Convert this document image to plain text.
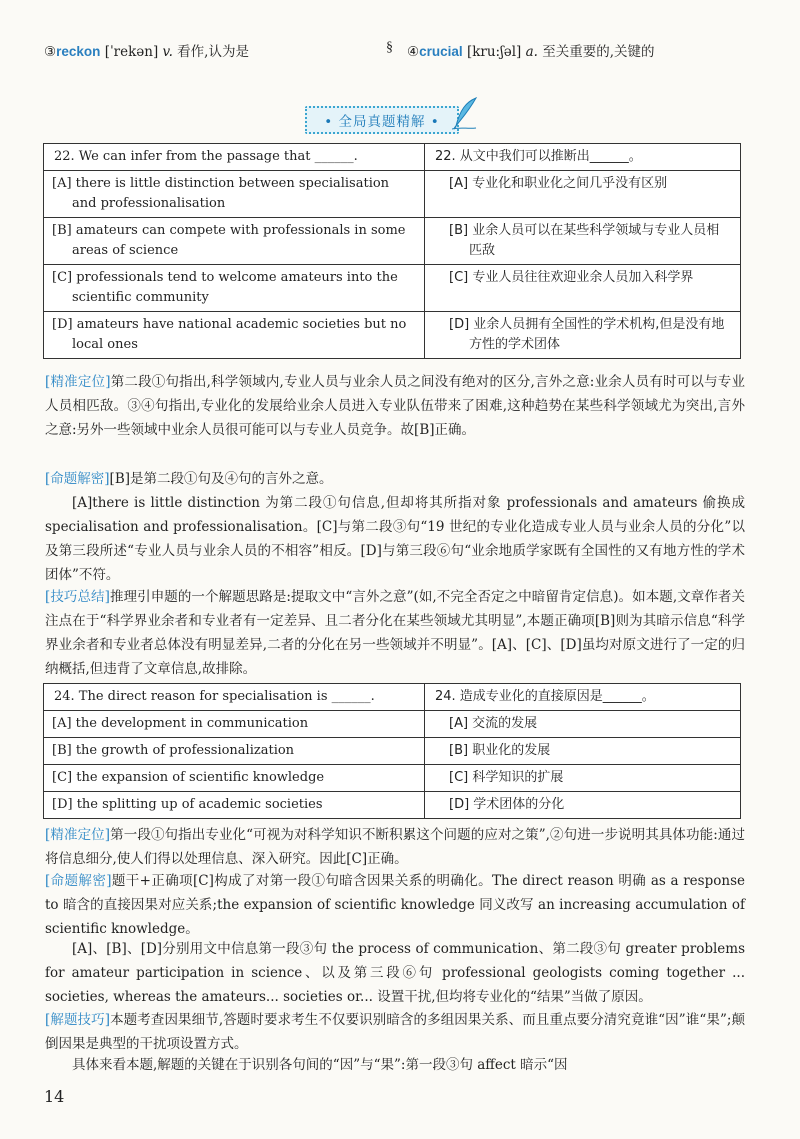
③reckon [ˈrekən] v. 看作,认为是	§ ④crucial [kru:ʃəl] a. 至关重要的,关键的
• 全局真题精解 •
22. We can infer from the passage that ______.	22. 从文中我们可以推断出______。

[A] there is little distinction between specialisation and professionalisation	[A] 专业化和职业化之间几乎没有区别

[B] amateurs can compete with professionals in some areas of science	[B] 业余人员可以在某些科学领域与专业人员相匹敌

[C] professionals tend to welcome amateurs into the scientific community	[C] 专业人员往往欢迎业余人员加入科学界

[D] amateurs have national academic societies but no local ones	[D] 业余人员拥有全国性的学术机构,但是没有地方性的学术团体
[精准定位]第二段①句指出,科学领域内,专业人员与业余人员之间没有绝对的区分,言外之意:业余人员有时可以与专业人员相匹敌。③④句指出,专业化的发展给业余人员进入专业队伍带来了困难,这种趋势在某些科学领域尤为突出,言外之意:另外一些领域中业余人员很可能可以与专业人员竞争。故[B]正确。
[命题解密][B]是第二段①句及④句的言外之意。
[A]there is little distinction 为第二段①句信息,但却将其所指对象 professionals and amateurs 偷换成 specialisation and professionalisation。[C]与第二段③句“19 世纪的专业化造成专业人员与业余人员的分化”以及第三段所述“专业人员与业余人员的不相容”相反。[D]与第三段⑥句“业余地质学家既有全国性的又有地方性的学术团体”不符。
[技巧总结]推理引申题的一个解题思路是:提取文中“言外之意”(如,不完全否定之中暗留肯定信息)。如本题,文章作者关注点在于“科学界业余者和专业者有一定差异、且二者分化在某些领域尤其明显”,本题正确项[B]则为其暗示信息“科学界业余者和专业者总体没有明显差异,二者的分化在另一些领域并不明显”。[A]、[C]、[D]虽均对原文进行了一定的归纳概括,但违背了文章信息,故排除。
24. The direct reason for specialisation is ______.	24. 造成专业化的直接原因是______。

[A] the development in communication	[A] 交流的发展

[B] the growth of professionalization	[B] 职业化的发展

[C] the expansion of scientific knowledge	[C] 科学知识的扩展

[D] the splitting up of academic societies	[D] 学术团体的分化
[精准定位]第一段①句指出专业化“可视为对科学知识不断积累这个问题的应对之策”,②句进一步说明其具体功能:通过将信息细分,使人们得以处理信息、深入研究。因此[C]正确。
[命题解密]题干+正确项[C]构成了对第一段①句暗含因果关系的明确化。The direct reason 明确 as a response to 暗含的直接因果对应关系;the expansion of scientific knowledge 同义改写 an increasing accumulation of scientific knowledge。
[A]、[B]、[D]分别用文中信息第一段③句 the process of communication、第二段③句 greater problems for amateur participation in science、以及第三段⑥句 professional geologists coming together ... societies, whereas the amateurs... societies or... 设置干扰,但均将专业化的“结果”当做了原因。
[解题技巧]本题考查因果细节,答题时要求考生不仅要识别暗含的多组因果关系、而且重点要分清究竟谁“因”谁“果”;颠倒因果是典型的干扰项设置方式。
具体来看本题,解题的关键在于识别各句间的“因”与“果”:第一段③句 affect 暗示“因
14
